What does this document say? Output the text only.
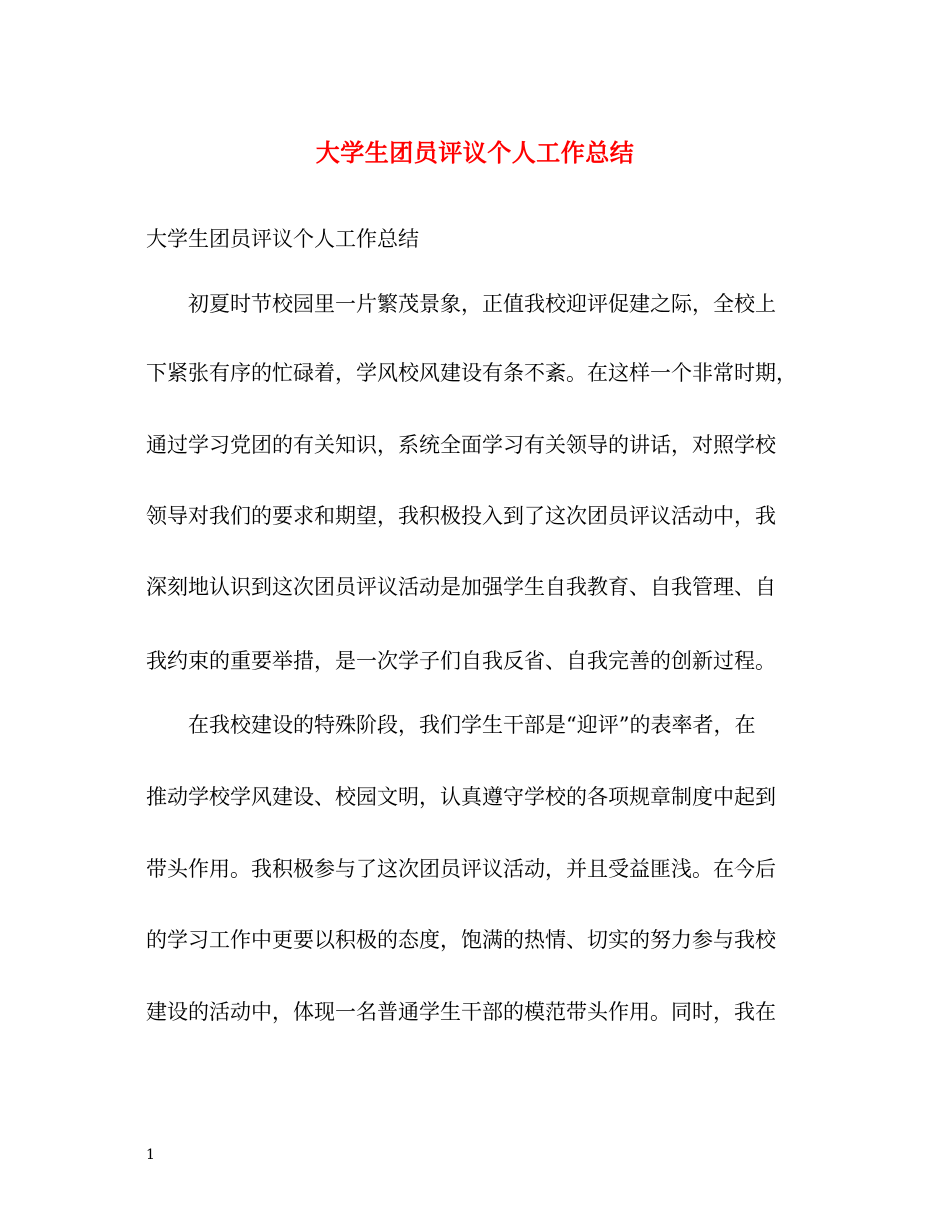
大学生团员评议个人工作总结

大学生团员评议个人工作总结

初夏时节校园里一片繁茂景象，正值我校迎评促建之际，全校上

下紧张有序的忙碌着，学风校风建设有条不紊。在这样一个非常时期，

通过学习党团的有关知识，系统全面学习有关领导的讲话，对照学校

领导对我们的要求和期望，我积极投入到了这次团员评议活动中，我

深刻地认识到这次团员评议活动是加强学生自我教育、自我管理、自

我约束的重要举措，是一次学子们自我反省、自我完善的创新过程。

在我校建设的特殊阶段，我们学生干部是“迎评”的表率者，在

推动学校学风建设、校园文明，认真遵守学校的各项规章制度中起到

带头作用。我积极参与了这次团员评议活动，并且受益匪浅。在今后

的学习工作中更要以积极的态度，饱满的热情、切实的努力参与我校

建设的活动中，体现一名普通学生干部的模范带头作用。同时，我在

1
